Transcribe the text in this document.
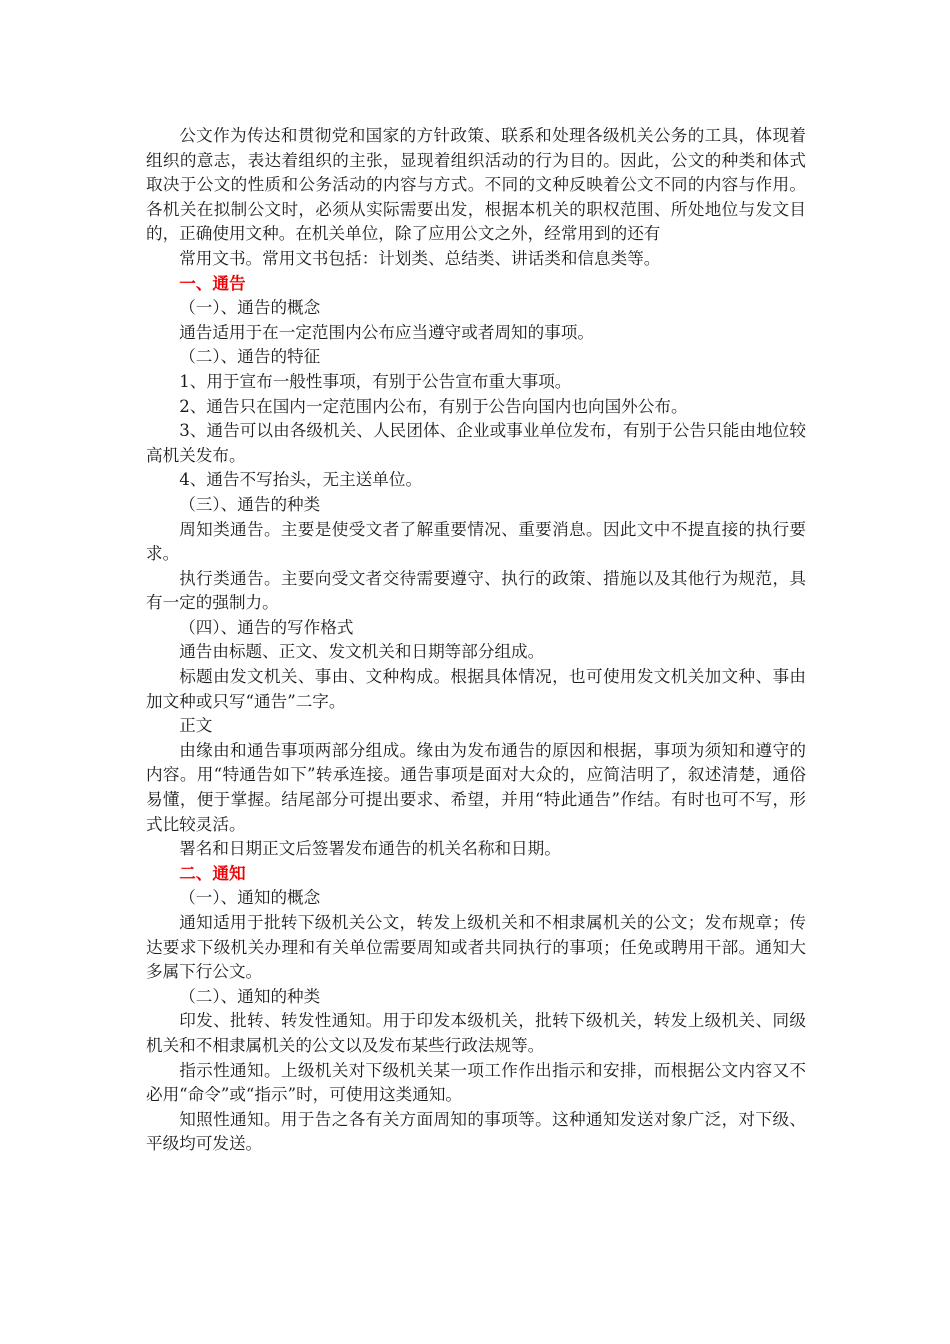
公文作为传达和贯彻党和国家的方针政策、联系和处理各级机关公务的工具，体现着组织的意志，表达着组织的主张，显现着组织活动的行为目的。因此，公文的种类和体式取决于公文的性质和公务活动的内容与方式。不同的文种反映着公文不同的内容与作用。各机关在拟制公文时，必须从实际需要出发，根据本机关的职权范围、所处地位与发文目的，正确使用文种。在机关单位，除了应用公文之外，经常用到的还有

常用文书。常用文书包括：计划类、总结类、讲话类和信息类等。

一、通告

（一）、通告的概念

通告适用于在一定范围内公布应当遵守或者周知的事项。

（二）、通告的特征

1、用于宣布一般性事项，有别于公告宣布重大事项。

2、通告只在国内一定范围内公布，有别于公告向国内也向国外公布。

3、通告可以由各级机关、人民团体、企业或事业单位发布，有别于公告只能由地位较高机关发布。

4、通告不写抬头，无主送单位。

（三）、通告的种类

周知类通告。主要是使受文者了解重要情况、重要消息。因此文中不提直接的执行要求。

执行类通告。主要向受文者交待需要遵守、执行的政策、措施以及其他行为规范，具有一定的强制力。

（四）、通告的写作格式

通告由标题、正文、发文机关和日期等部分组成。

标题由发文机关、事由、文种构成。根据具体情况，也可使用发文机关加文种、事由加文种或只写“通告”二字。

正文

由缘由和通告事项两部分组成。缘由为发布通告的原因和根据，事项为须知和遵守的内容。用“特通告如下”转承连接。通告事项是面对大众的，应简洁明了，叙述清楚，通俗易懂，便于掌握。结尾部分可提出要求、希望，并用“特此通告”作结。有时也可不写，形式比较灵活。

署名和日期正文后签署发布通告的机关名称和日期。

二、通知

（一）、通知的概念

通知适用于批转下级机关公文，转发上级机关和不相隶属机关的公文；发布规章；传达要求下级机关办理和有关单位需要周知或者共同执行的事项；任免或聘用干部。通知大多属下行公文。

（二）、通知的种类

印发、批转、转发性通知。用于印发本级机关，批转下级机关，转发上级机关、同级机关和不相隶属机关的公文以及发布某些行政法规等。

指示性通知。上级机关对下级机关某一项工作作出指示和安排，而根据公文内容又不必用“命令”或“指示”时，可使用这类通知。

知照性通知。用于告之各有关方面周知的事项等。这种通知发送对象广泛，对下级、平级均可发送。
